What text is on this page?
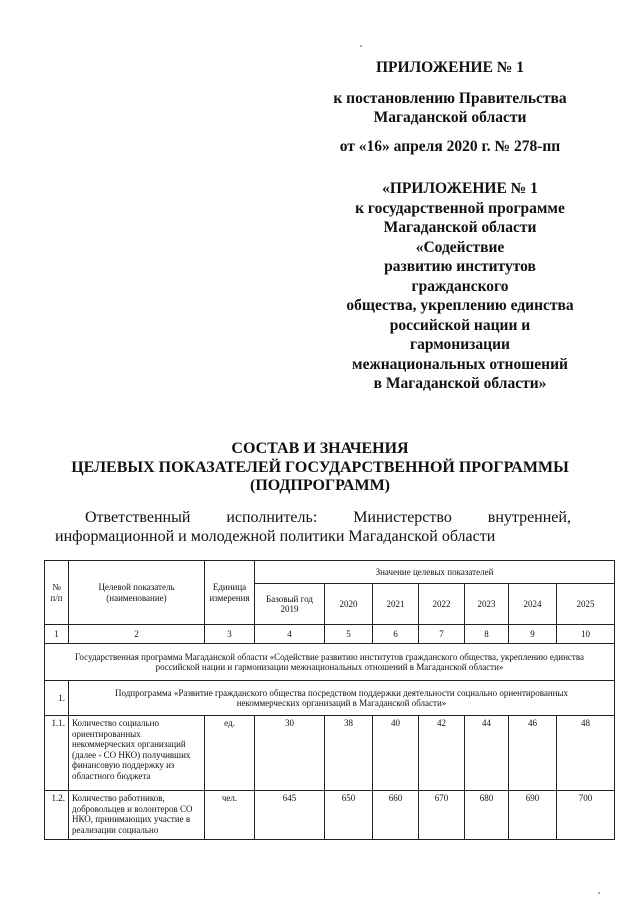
ПРИЛОЖЕНИЕ № 1
к постановлению Правительства
Магаданской области
от «16» апреля 2020 г. № 278-пп
«ПРИЛОЖЕНИЕ № 1
к государственной программе
Магаданской области
«Содействие
развитию институтов
гражданского
общества, укреплению единства
российской нации и
гармонизации
межнациональных отношений
в Магаданской области»
СОСТАВ И ЗНАЧЕНИЯ
ЦЕЛЕВЫХ ПОКАЗАТЕЛЕЙ ГОСУДАРСТВЕННОЙ ПРОГРАММЫ
(ПОДПРОГРАММ)
Ответственный исполнитель: Министерство внутренней,
информационной и молодежной политики Магаданской области
№ п/п	Целевой показатель (наименование)	Единица измерения	Значение целевых показателей						
			Базовый год 2019	2020	2021	2022	2023	2024	2025
1	2	3	4	5	6	7	8	9	10
Государственная программа Магаданской области «Содействие развитию институтов гражданского общества, укреплению единства российской нации и гармонизации межнациональных отношений в Магаданской области»									
1.	Подпрограмма «Развитие гражданского общества посредством поддержки деятельности социально ориентированных некоммерческих организаций в Магаданской области»								
1.1.	Количество социально ориентированных некоммерческих организаций (далее - СО НКО) получивших финансовую поддержку из областного бюджета	ед.	30	38	40	42	44	46	48
1.2.	Количество работников, добровольцев и волонтеров СО НКО, принимающих участие в реализации социально	чел.	645	650	660	670	680	690	700
